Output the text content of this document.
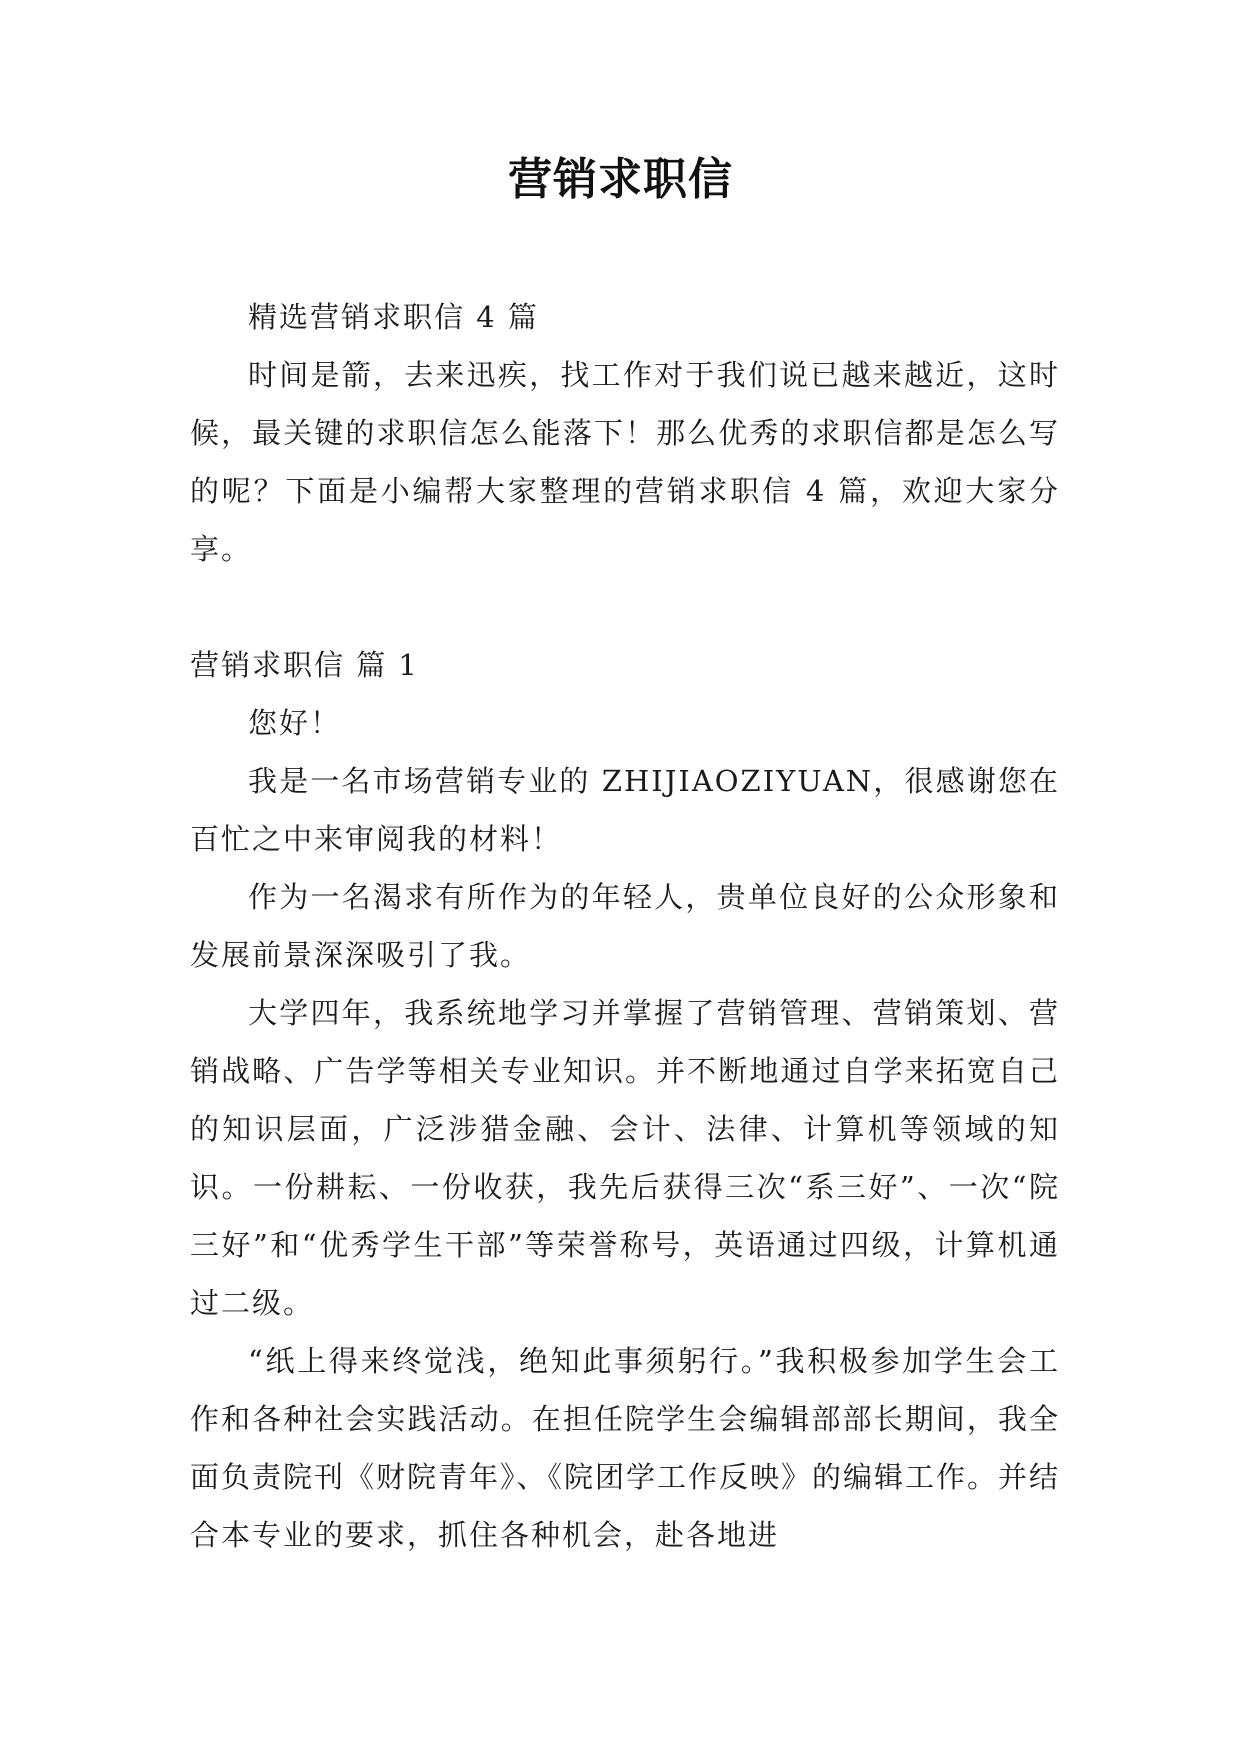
营销求职信

精选营销求职信 4 篇

时间是箭，去来迅疾，找工作对于我们说已越来越近，这时候，最关键的求职信怎么能落下！那么优秀的求职信都是怎么写的呢？下面是小编帮大家整理的营销求职信 4 篇，欢迎大家分享。

营销求职信 篇 1

您好！

我是一名市场营销专业的 ZHIJIAOZIYUAN，很感谢您在百忙之中来审阅我的材料！

作为一名渴求有所作为的年轻人，贵单位良好的公众形象和发展前景深深吸引了我。

大学四年，我系统地学习并掌握了营销管理、营销策划、营销战略、广告学等相关专业知识。并不断地通过自学来拓宽自己的知识层面，广泛涉猎金融、会计、法律、计算机等领域的知识。一份耕耘、一份收获，我先后获得三次“系三好”、一次“院三好”和“优秀学生干部”等荣誉称号，英语通过四级，计算机通过二级。

“纸上得来终觉浅，绝知此事须躬行。”我积极参加学生会工作和各种社会实践活动。在担任院学生会编辑部部长期间，我全面负责院刊《财院青年》、《院团学工作反映》的编辑工作。并结合本专业的要求，抓住各种机会，赴各地进
